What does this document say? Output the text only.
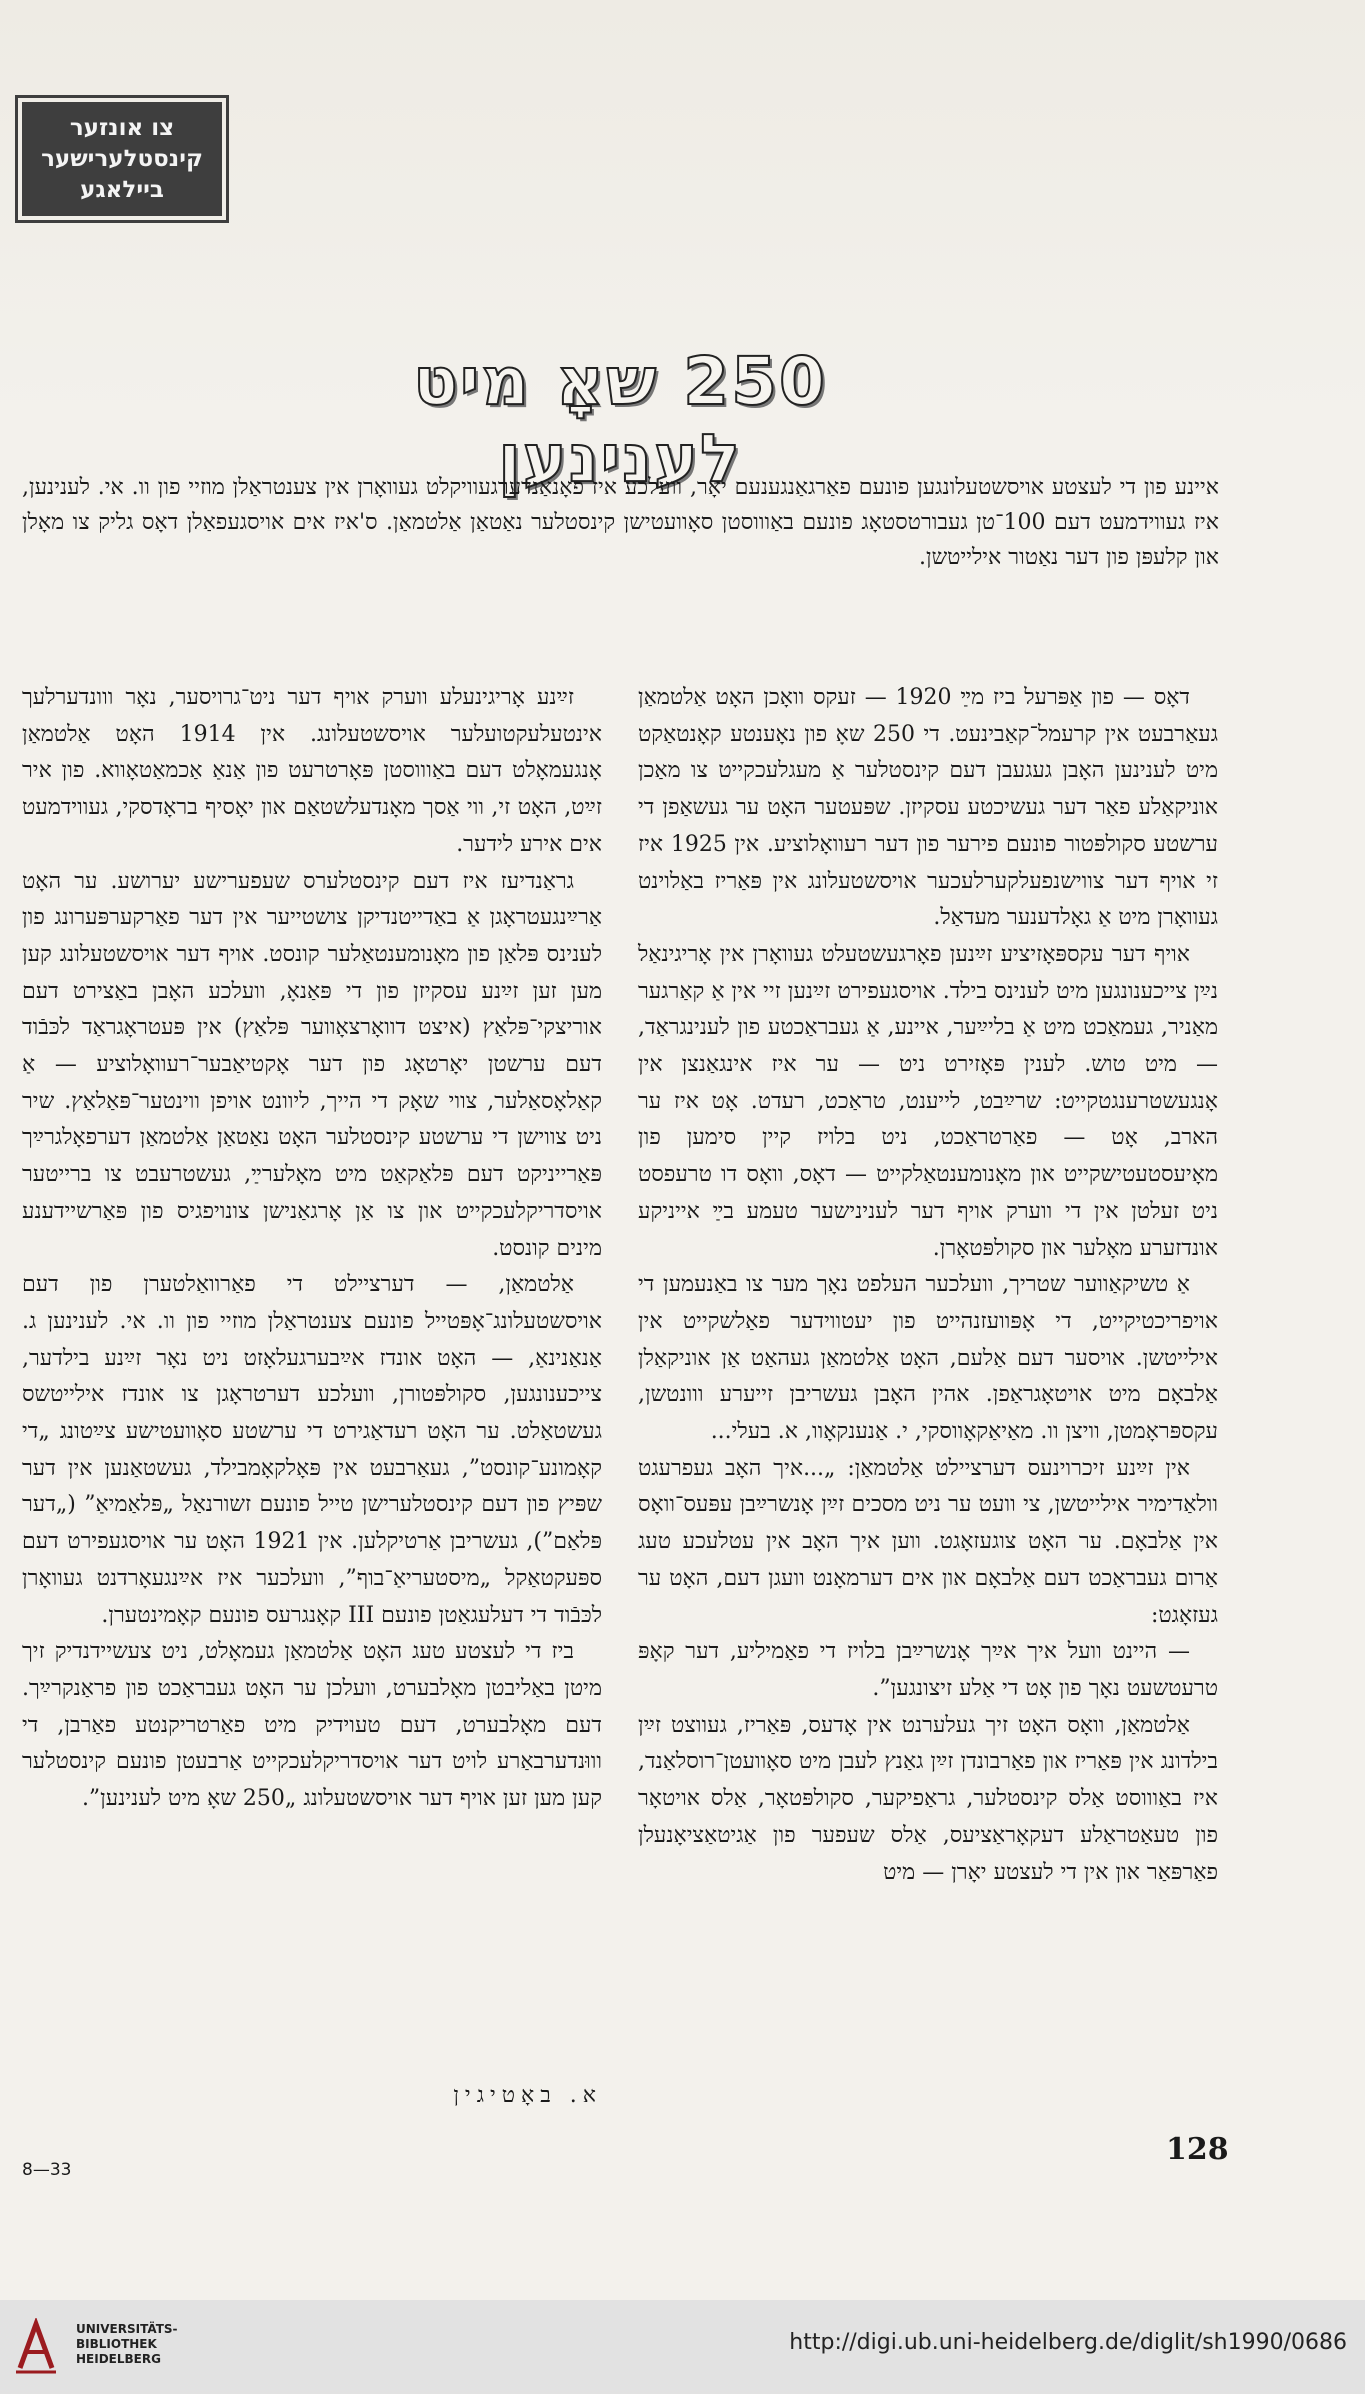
צו אונזער
קינסטלערישער
ביילאגע
250 שאָ מיט לענינען
איינע פון די לעצטע אויסשטעלונגען פונעם פאַרגאַנגענעם יאָר, וועלכע איז פאָנאַנדערגעוויקלט געוואָרן אין צענטראַלן מוזיי פון וו. אי. לענינען, איז געווידמעט דעם 100־טן געבורטסטאָג פונעם באַוווסטן סאָוועטישן קינסטלער נאַטאַן אַלטמאַן. ס'איז אים אויסגעפאַלן דאָס גליק צו מאָלן און קלעפּן פון דער נאַטור אילייטשן.

דאָס — פון אַפּרעל ביז מײַ 1920 — זעקס וואָכן האָט אַלטמאַן געאַרבעט אין קרעמל־קאַבינעט. די 250 שאָ פון נאָענטע קאָנטאַקט מיט לענינען האָבן געגעבן דעם קינסטלער אַ מעגלעכקייט צו מאַכן אוניקאַלע פאַר דער געשיכטע עסקיזן. שפּעטער האָט ער געשאַפן די ערשטע סקולפּטור פונעם פירער פון דער רעוואָלוציע. אין 1925 איז זי אויף דער צווישנפעלקערלעכער אויסשטעלונג אין פּאַריז באַלוינט געוואָרן מיט אַ גאָלדענער מעדאַל.

אויף דער עקספּאָזיציע זײַנען פאָרגעשטעלט געוואָרן אין אָריגינאַל נײַן צייכענונגען מיט לענינס בילד. אויסגעפירט זײַנען זיי אין אַ קאַרגער מאַניר, געמאַכט מיט אַ בליײַער, איינע, אַ געבראַכטע פון לענינגראַד, — מיט טוש. לענין פּאָזירט ניט — ער איז אינגאַנצן אין אָנגעשטרענגטקייט: שרײַבט, לייענט, טראַכט, רעדט. אָט איז ער הארב, אָט — פאַרטראַכט, ניט בלויז קיין סימען פון מאָיעסטעטישקייט און מאָנומענטאַלקייט — דאָס, וואָס דו טרעפסט ניט זעלטן אין די ווערק אויף דער לענינישער טעמע בײַ אייניקע אונדזערע מאָלער און סקולפּטאָרן.

אַ טשיקאַווער שטריך, וועלכער העלפט נאָך מער צו באַנעמען די אויפריכטיקייט, די אָפּוועזנהייט פון יעטווידער פאַלשקייט אין אילייטשן. אויסער דעם אַלעם, האָט אַלטמאַן געהאַט אַן אוניקאַלן אַלבאָם מיט אויטאָגראַפן. אהין האָבן געשריבן זייערע ווונטשן, עקספּראָמטן, וויצן וו. מאַיאַקאָווסקי, י. אַנענקאָוו, א. בעלי...

אין זײַנע זיכרוינעס דערציילט אַלטמאַן: „...איך האָב געפרעגט וולאַדימיר אילייטשן, צי וועט ער ניט מסכים זײַן אָנשרײַבן עפּעס־וואָס אין אַלבאָם. ער האָט צוגעזאָגט. ווען איך האָב אין עטלעכע טעג אַרום געבראַכט דעם אַלבאָם און אים דערמאָנט וועגן דעם, האָט ער געזאָגט:

— היינט וועל איך אײַך אָנשרײַבן בלויז די פאַמיליע, דער קאָפּ טרעטשעט נאָך פון אָט די אַלע זיצונגען”.

אַלטמאַן, וואָס האָט זיך געלערנט אין אָדעס, פּאַריז, געווצט זײַן בילדונג אין פּאַריז און פאַרבונדן זײַן גאַנץ לעבן מיט סאָוועטן־רוסלאַנד, איז באַוווסט אַלס קינסטלער, גראַפיקער, סקולפּטאָר, אַלס אויטאָר פון טעאַטראַלע דעקאָראַציעס, אַלס שעפער פון אַגיטאַציאָנעלן פאַרפּאַר און אין די לעצטע יאָרן — מיט

זײַנע אָריגינעלע ווערק אויף דער ניט־גרויסער, נאָר ווונדערלעך אינטעלעקטועלער אויסשטעלונג. אין 1914 האָט אַלטמאַן אָנגעמאָלט דעם באַוווסטן פּאָרטרעט פון אַנאַ אַכמאַטאָווא. פון איר זײַט, האָט זי, ווי אַסך מאָנדעלשטאַם און יאָסיף בראָדסקי, געווידמעט אים אירע לידער.

גראַנדיעז איז דעם קינסטלערס שעפערישע יערושע. ער האָט אַרײַנגעטראָגן אַ באַדייטנדיקן צושטייער אין דער פאַרקערפּערונג פון לענינס פּלאַן פון מאָנומענטאַלער קונסט. אויף דער אויסשטעלונג קען מען זען זײַנע עסקיזן פון די פּאַנאָ, וועלכע האָבן באַצירט דעם אוריצקי־פּלאַץ (איצט דוואָרצאָווער פּלאַץ) אין פּעטראָגראַד לכּבֿוד דעם ערשטן יאָרטאָג פון דער אָקטיאַבער־רעוואָלוציע — אַ קאַלאָסאַלער, צווי שאָק די הייך, ליוונט אויפן ווינטער־פּאַלאַץ. שיר ניט צווישן די ערשטע קינסטלער האָט נאַטאַן אַלטמאַן דערפאָלגרײַך פּאַרייניקט דעם פּלאַקאַט מיט מאָלערײַ, געשטרעבט צו ברייטער אויסדריקלעכקייט און צו אַן אָרגאַנישן צונויפגיס פון פּאַרשיידענע מינים קונסט.

אַלטמאַן, — דערציילט די פאַרוואַלטערן פון דעם אויסשטעלונג־אָפּטייל פונעם צענטראַלן מוזיי פון וו. אי. לענינען ג. אַנאַנינאַ, — האָט אונדז אײַבערגעלאָזט ניט נאָר זײַנע בילדער, צייכענונגען, סקולפּטורן, וועלכע דערטראָגן צו אונדז אילייטשס געשטאַלט. ער האָט רעדאַגירט די ערשטע סאָוועטישע צײַטונג „די קאָמונע־קונסט”, געאַרבעט אין פּאָלקאָמבילד, געשטאַנען אין דער שפּיץ פון דעם קינסטלערישן טייל פונעם זשורנאַל „פּלאַמיאַ” („דער פּלאַם”), געשריבן אַרטיקלען. אין 1921 האָט ער אויסגעפירט דעם ספּעקטאַקל „מיסטעריאַ־בוף”, וועלכער איז אײַנגעאָרדנט געוואָרן לכּבֿוד די דעלעגאַטן פונעם III קאָנגרעס פונעם קאָמינטערן.

ביז די לעצטע טעג האָט אַלטמאַן געמאָלט, ניט צעשיידנדיק זיך מיטן באַליבטן מאָלבערט, וועלכן ער האָט געבראַכט פון פראַנקרײַך. דעם מאָלבערט, דעם טעוידיק מיט פאַרטריקנטע פאַרבן, די וווּנדערבאַרע לויט דער אויסדריקלעכקייט אַרבעטן פונעם קינסטלער קען מען זען אויף דער אויסשטעלונג „250 שאָ מיט לענינען”.

א. באָטיגין
8—33
128
UNIVERSITÄTS-
BIBLIOTHEK
HEIDELBERG
http://digi.ub.uni-heidelberg.de/diglit/sh1990/0686
